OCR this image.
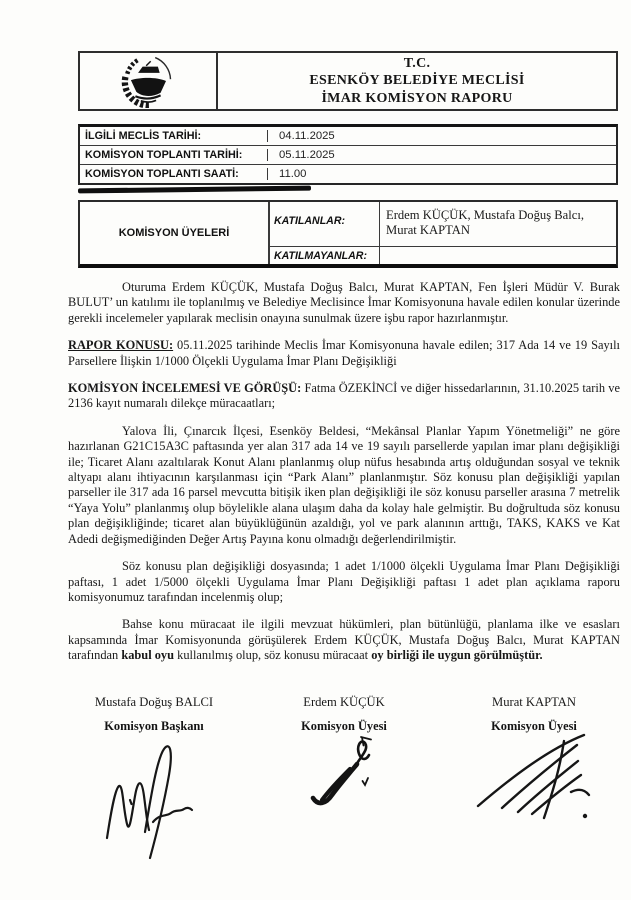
T.C.
ESENKÖY BELEDİYE MECLİSİ
İMAR KOMİSYON RAPORU
İLGİLİ MECLİS TARİHİ:	04.11.2025
KOMİSYON TOPLANTI TARİHİ:	05.11.2025
KOMİSYON TOPLANTI SAATİ:	11.00
KOMİSYON ÜYELERİ
KATILANLAR:	Erdem KÜÇÜK, Mustafa Doğuş Balcı, Murat KAPTAN
KATILMAYANLAR:

Oturuma Erdem KÜÇÜK, Mustafa Doğuş Balcı, Murat KAPTAN, Fen İşleri Müdür V. Burak BULUT’ un katılımı ile toplanılmış ve Belediye Meclisince İmar Komisyonuna havale edilen konular üzerinde gerekli incelemeler yapılarak meclisin onayına sunulmak üzere işbu rapor hazırlanmıştır.

RAPOR KONUSU: 05.11.2025 tarihinde Meclis İmar Komisyonuna havale edilen; 317 Ada 14 ve 19 Sayılı Parsellere İlişkin 1/1000 Ölçekli Uygulama İmar Planı Değişikliği

KOMİSYON İNCELEMESİ VE GÖRÜŞÜ: Fatma ÖZEKİNCİ ve diğer hissedarlarının, 31.10.2025 tarih ve 2136 kayıt numaralı dilekçe müracaatları;

Yalova İli, Çınarcık İlçesi, Esenköy Beldesi, “Mekânsal Planlar Yapım Yönetmeliği” ne göre hazırlanan G21C15A3C paftasında yer alan 317 ada 14 ve 19 sayılı parsellerde yapılan imar planı değişikliği ile; Ticaret Alanı azaltılarak Konut Alanı planlanmış olup nüfus hesabında artış olduğundan sosyal ve teknik altyapı alanı ihtiyacının karşılanması için “Park Alanı” planlanmıştır. Söz konusu plan değişikliği yapılan parseller ile 317 ada 16 parsel mevcutta bitişik iken plan değişikliği ile söz konusu parseller arasına 7 metrelik “Yaya Yolu” planlanmış olup böylelikle alana ulaşım daha da kolay hale gelmiştir. Bu doğrultuda söz konusu plan değişikliğinde; ticaret alan büyüklüğünün azaldığı, yol ve park alanının arttığı, TAKS, KAKS ve Kat Adedi değişmediğinden Değer Artış Payına konu olmadığı değerlendirilmiştir.

Söz konusu plan değişikliği dosyasında; 1 adet 1/1000 ölçekli Uygulama İmar Planı Değişikliği paftası, 1 adet 1/5000 ölçekli Uygulama İmar Planı Değişikliği paftası 1 adet plan açıklama raporu komisyonumuz tarafından incelenmiş olup;

Bahse konu müracaat ile ilgili mevzuat hükümleri, plan bütünlüğü, planlama ilke ve esasları kapsamında İmar Komisyonunda görüşülerek Erdem KÜÇÜK, Mustafa Doğuş Balcı, Murat KAPTAN tarafından kabul oyu kullanılmış olup, söz konusu müracaat oy birliği ile uygun görülmüştür.

Mustafa Doğuş BALCI	Erdem KÜÇÜK	Murat KAPTAN
Komisyon Başkanı	Komisyon Üyesi	Komisyon Üyesi
